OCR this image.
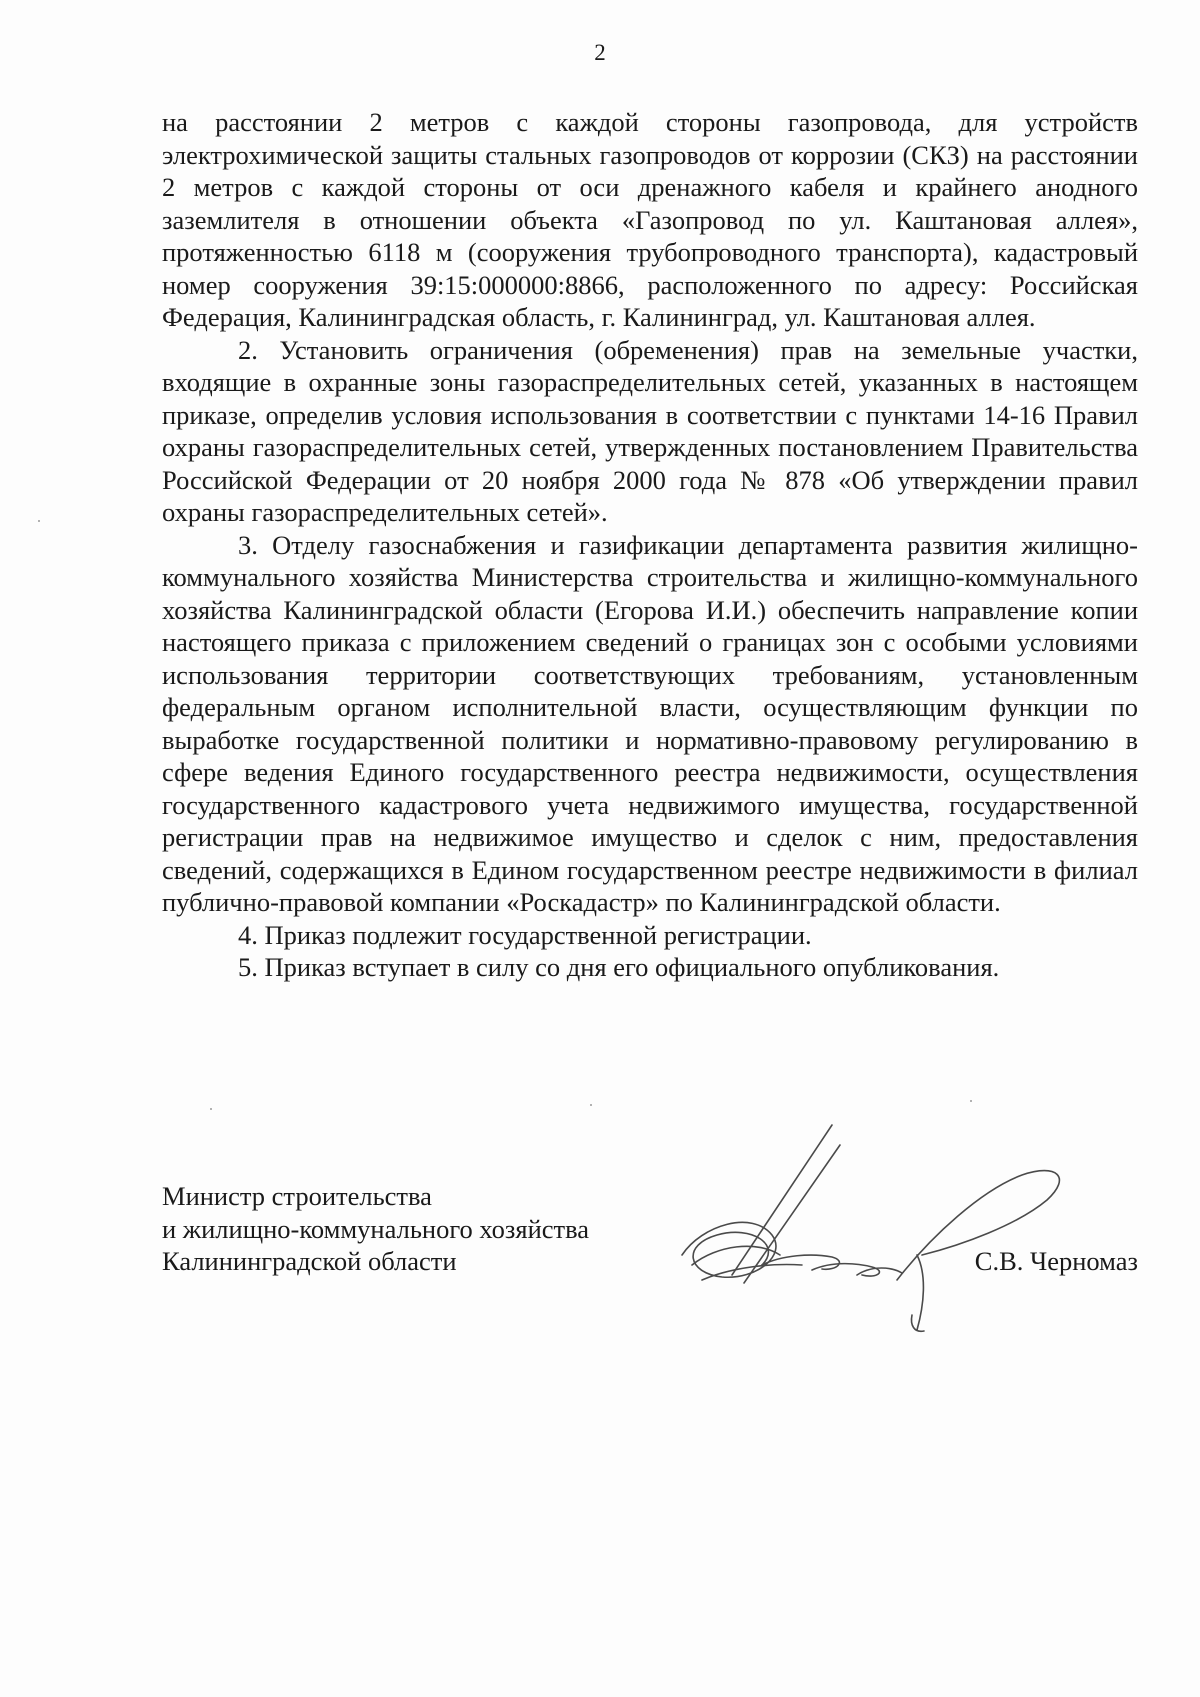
2

на расстоянии 2 метров с каждой стороны газопровода, для устройств электрохимической защиты стальных газопроводов от коррозии (СКЗ) на расстоянии 2 метров с каждой стороны от оси дренажного кабеля и крайнего анодного заземлителя в отношении объекта «Газопровод по ул. Каштановая аллея», протяженностью 6118 м (сооружения трубопроводного транспорта), кадастровый номер сооружения 39:15:000000:8866, расположенного по адресу: Российская Федерация, Калининградская область, г. Калининград, ул. Каштановая аллея.

2. Установить ограничения (обременения) прав на земельные участки, входящие в охранные зоны газораспределительных сетей, указанных в настоящем приказе, определив условия использования в соответствии с пунктами 14-16 Правил охраны газораспределительных сетей, утвержденных постановлением Правительства Российской Федерации от 20 ноября 2000 года № 878 «Об утверждении правил охраны газораспределительных сетей».

3. Отделу газоснабжения и газификации департамента развития жилищно-коммунального хозяйства Министерства строительства и жилищно-коммунального хозяйства Калининградской области (Егорова И.И.) обеспечить направление копии настоящего приказа с приложением сведений о границах зон с особыми условиями использования территории соответствующих требованиям, установленным федеральным органом исполнительной власти, осуществляющим функции по выработке государственной политики и нормативно-правовому регулированию в сфере ведения Единого государственного реестра недвижимости, осуществления государственного кадастрового учета недвижимого имущества, государственной регистрации прав на недвижимое имущество и сделок с ним, предоставления сведений, содержащихся в Едином государственном реестре недвижимости в филиал публично-правовой компании «Роскадастр» по Калининградской области.

4. Приказ подлежит государственной регистрации.

5. Приказ вступает в силу со дня его официального опубликования.

Министр строительства
и жилищно-коммунального хозяйства
Калининградской области	С.В. Черномаз
